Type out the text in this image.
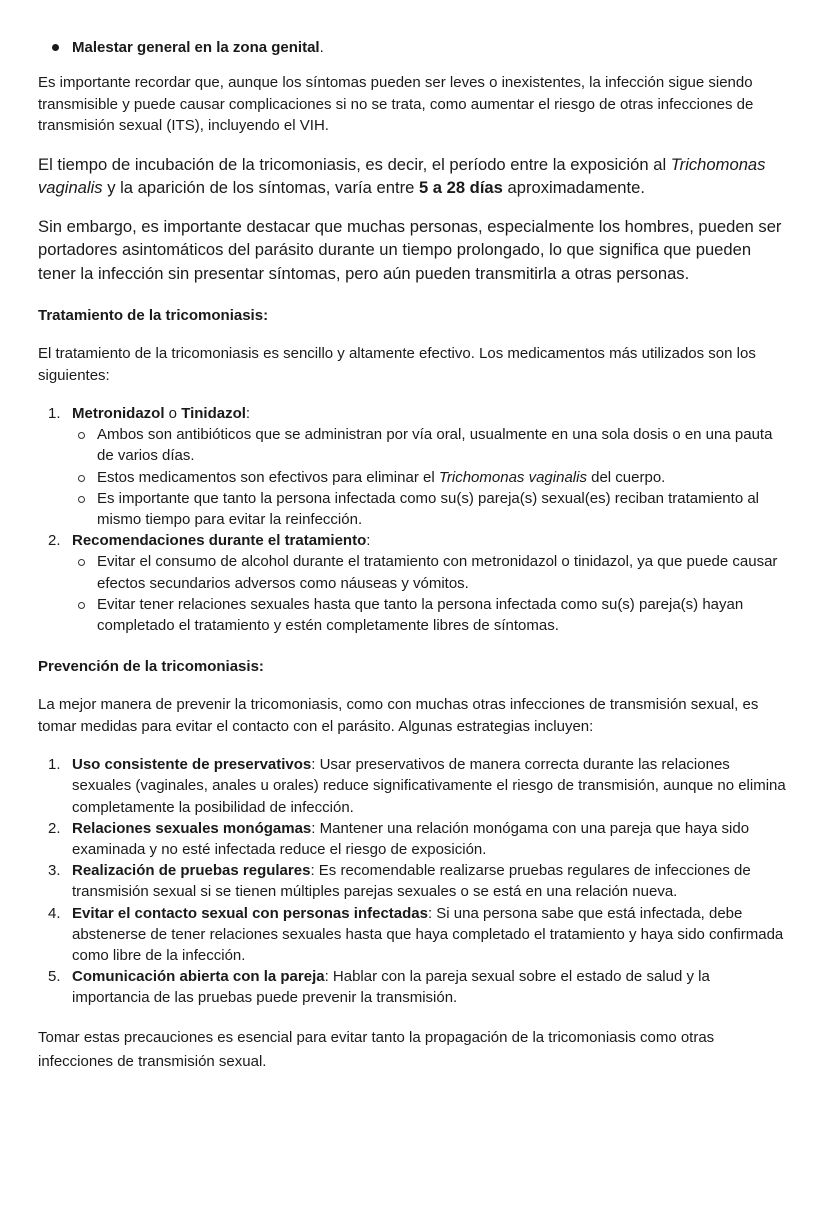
Malestar general en la zona genital.

Es importante recordar que, aunque los síntomas pueden ser leves o inexistentes, la infección sigue siendo transmisible y puede causar complicaciones si no se trata, como aumentar el riesgo de otras infecciones de transmisión sexual (ITS), incluyendo el VIH.

El tiempo de incubación de la tricomoniasis, es decir, el período entre la exposición al Trichomonas vaginalis y la aparición de los síntomas, varía entre 5 a 28 días aproximadamente.

Sin embargo, es importante destacar que muchas personas, especialmente los hombres, pueden ser portadores asintomáticos del parásito durante un tiempo prolongado, lo que significa que pueden tener la infección sin presentar síntomas, pero aún pueden transmitirla a otras personas.

Tratamiento de la tricomoniasis:

El tratamiento de la tricomoniasis es sencillo y altamente efectivo. Los medicamentos más utilizados son los siguientes:

1. Metronidazol o Tinidazol:
Ambos son antibióticos que se administran por vía oral, usualmente en una sola dosis o en una pauta de varios días.
Estos medicamentos son efectivos para eliminar el Trichomonas vaginalis del cuerpo.
Es importante que tanto la persona infectada como su(s) pareja(s) sexual(es) reciban tratamiento al mismo tiempo para evitar la reinfección.
2. Recomendaciones durante el tratamiento:
Evitar el consumo de alcohol durante el tratamiento con metronidazol o tinidazol, ya que puede causar efectos secundarios adversos como náuseas y vómitos.
Evitar tener relaciones sexuales hasta que tanto la persona infectada como su(s) pareja(s) hayan completado el tratamiento y estén completamente libres de síntomas.

Prevención de la tricomoniasis:

La mejor manera de prevenir la tricomoniasis, como con muchas otras infecciones de transmisión sexual, es tomar medidas para evitar el contacto con el parásito. Algunas estrategias incluyen:

1. Uso consistente de preservativos: Usar preservativos de manera correcta durante las relaciones sexuales (vaginales, anales u orales) reduce significativamente el riesgo de transmisión, aunque no elimina completamente la posibilidad de infección.
2. Relaciones sexuales monógamas: Mantener una relación monógama con una pareja que haya sido examinada y no esté infectada reduce el riesgo de exposición.
3. Realización de pruebas regulares: Es recomendable realizarse pruebas regulares de infecciones de transmisión sexual si se tienen múltiples parejas sexuales o se está en una relación nueva.
4. Evitar el contacto sexual con personas infectadas: Si una persona sabe que está infectada, debe abstenerse de tener relaciones sexuales hasta que haya completado el tratamiento y haya sido confirmada como libre de la infección.
5. Comunicación abierta con la pareja: Hablar con la pareja sexual sobre el estado de salud y la importancia de las pruebas puede prevenir la transmisión.

Tomar estas precauciones es esencial para evitar tanto la propagación de la tricomoniasis como otras infecciones de transmisión sexual.
